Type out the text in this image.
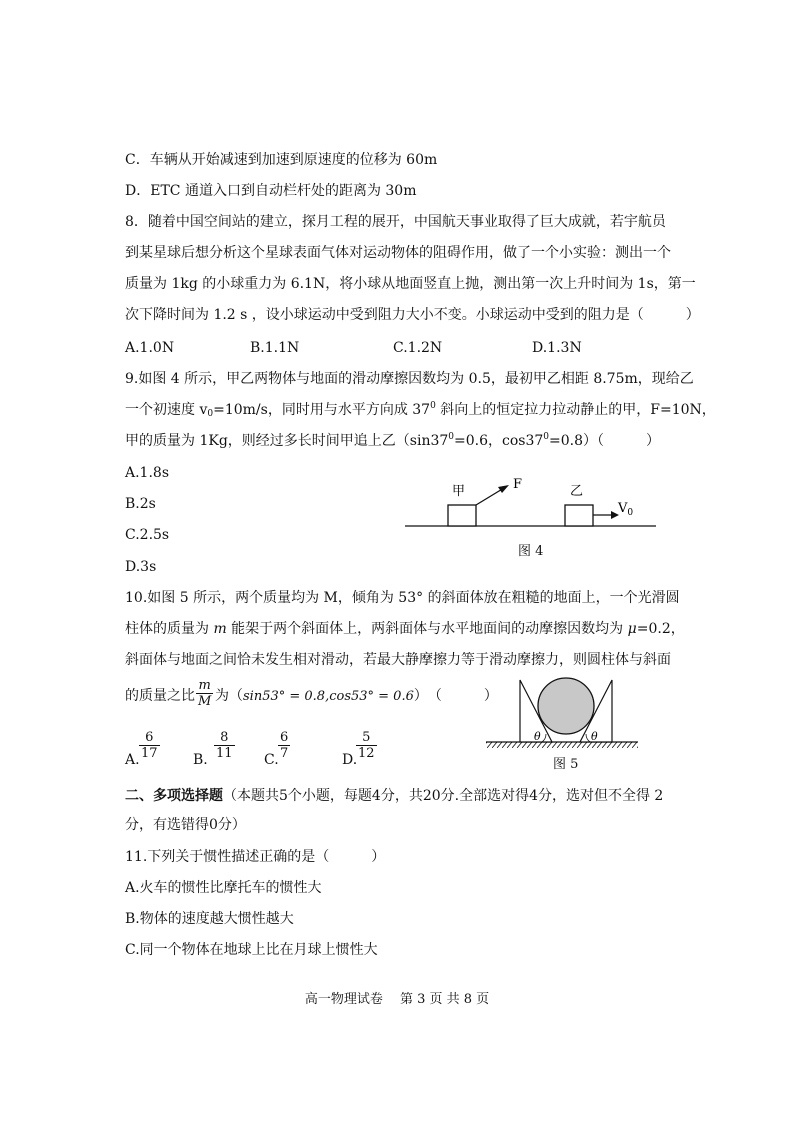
C．车辆从开始减速到加速到原速度的位移为 60m
D．ETC 通道入口到自动栏杆处的距离为 30m
8．随着中国空间站的建立，探月工程的展开，中国航天事业取得了巨大成就，若宇航员
到某星球后想分析这个星球表面气体对运动物体的阻碍作用，做了一个小实验：测出一个
质量为 1kg 的小球重力为 6.1N，将小球从地面竖直上抛，测出第一次上升时间为 1s，第一
次下降时间为 1.2 s ，设小球运动中受到阻力大小不变。小球运动中受到的阻力是（　　　）
A.1.0N	B.1.1N	C.1.2N	D.1.3N
9.如图 4 所示，甲乙两物体与地面的滑动摩擦因数均为 0.5，最初甲乙相距 8.75m，现给乙
一个初速度 $v_0=10m/s$，同时用与水平方向成 $37^0$ 斜向上的恒定拉力拉动静止的甲，F=10N，
甲的质量为 1Kg，则经过多长时间甲追上乙（$\sin 37^0=0.6$，$\cos 37^0=0.8$）（　　　）
A.1.8s
B.2s
C.2.5s
D.3s
甲	F	乙
$V_0$
图 4
10.如图 5 所示，两个质量均为 M，倾角为 53° 的斜面体放在粗糙的地面上，一个光滑圆
柱体的质量为 m 能架于两个斜面体上，两斜面体与水平地面间的动摩擦因数均为 μ=0.2，
斜面体与地面之间恰未发生相对滑动，若最大静摩擦力等于滑动摩擦力，则圆柱体与斜面
的质量之比 $\frac{m}{M}$ 为（sin53° = 0.8,cos53° = 0.6）　（　　　）
A. $\frac{6}{17} B$. $\frac{8}{11} C$. $\frac{6}{7}$	D.
$\frac{5}{12}$	θ	θ
图 5
二、多项选择题（本题共5个小题，每题4分，共20分.全部选对得4分，选对但不全得 2
分，有选错得0分）
11.下列关于惯性描述正确的是（　　　）
A.火车的惯性比摩托车的惯性大
B.物体的速度越大惯性越大
C.同一个物体在地球上比在月球上惯性大
高一物理试卷　 第 3 页 共 8 页
